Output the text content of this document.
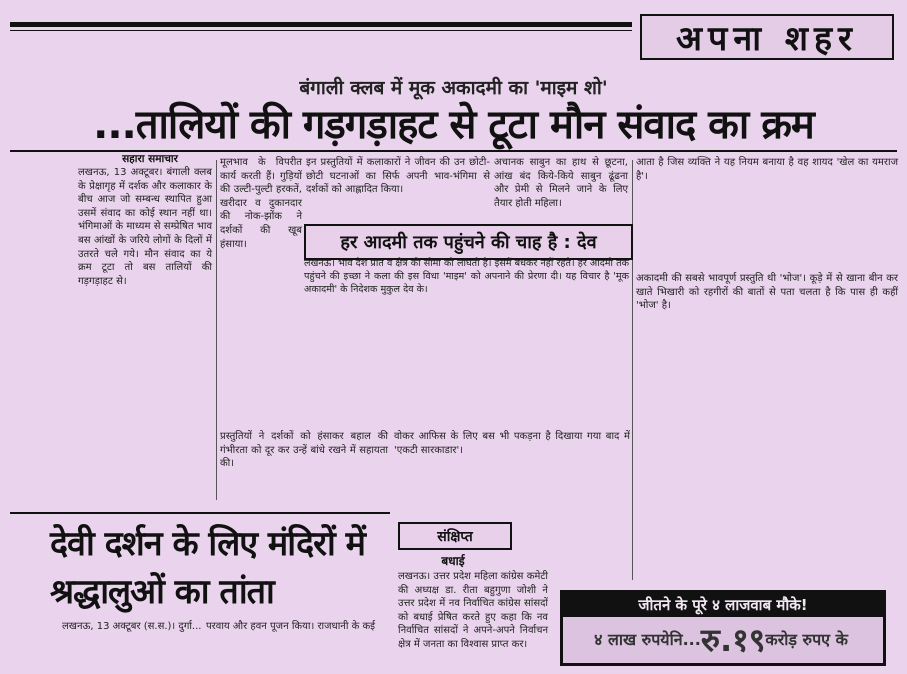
अपना शहर
बंगाली क्लब में मूक अकादमी का 'माइम शो'
...तालियों की गड़गड़ाहट से टूटा मौन संवाद का क्रम
सहारा समाचार
लखनऊ, 13 अक्टूबर। बंगाली क्लब के प्रेक्षागृह में दर्शक और कलाकार के बीच आज जो सम्बन्ध स्थापित हुआ उसमें संवाद का कोई स्थान नहीं था। भंगिमाओं के माध्यम से सम्प्रेषित भाव बस आंखों के जरिये लोगों के दिलों में उतरते चले गये। मौन संवाद का ये क्रम टूटा तो बस तालियों की गड़गड़ाहट से।
मूलभाव के विपरीत कार्य करती हैं। गुड़ियों की उल्टी-पुल्टी हरकतें, खरीदार व दुकानदार की नोक-झोंक ने दर्शकों की खूब हंसाया।
इन प्रस्तुतियों में कलाकारों ने जीवन की उन छोटी-छोटी घटनाओं का सिर्फ अपनी भाव-भंगिमा से दर्शकों को आह्लादित किया।
अचानक साबुन का हाथ से छूटना, आंख बंद किये-किये साबुन ढूंढना और प्रेमी से मिलने जाने के लिए तैयार होती महिला।
आता है जिस व्यक्ति ने यह नियम बनाया है वह शायद 'खेल का यमराज है'।
हर आदमी तक पहुंचने की चाह है : देव
लखनऊ। भाव देश प्रांत व क्षेत्र की सीमा को लांघती है। इसमें बंधकर नहीं रहते। हर आदमी तक पहुंचने की इच्छा ने कला की इस विधा 'माइम' को अपनाने की प्रेरणा दी। यह विचार है 'मूक अकादमी' के निदेशक मुकुल देव के।
प्रस्तुतियों ने दर्शकों को हंसाकर बहाल की गंभीरता को दूर कर उन्हें बांधे रखने में सहायता की।
वोकर आफिस के लिए बस भी पकड़ना है दिखाया गया बाद में 'एकटी सारकाडार'।
अकादमी की सबसे भावपूर्ण प्रस्तुति थी 'भोज'। कूड़े में से खाना बीन कर खाते भिखारी को रहगीरों की बातों से पता चलता है कि पास ही कहीं 'भोज' है।
देवी दर्शन के लिए मंदिरों में श्रद्धालुओं का तांता
लखनऊ, 13 अक्टूबर (स.स.)। दुर्गा... परवाय और हवन पूजन किया। राजधानी के कई
संक्षिप्त
बधाई
लखनऊ। उत्तर प्रदेश महिला कांग्रेस कमेटी की अध्यक्ष डा. रीता बहुगुणा जोशी ने उत्तर प्रदेश में नव निर्वाचित कांग्रेस सांसदों को बधाई प्रेषित करते हुए कहा कि नव निर्वाचित सांसदों ने अपने-अपने निर्वाचन क्षेत्र में जनता का विश्वास प्राप्त कर।
जीतने के पूरे ४ लाजवाब मौके!
४ लाख रुपयेनि... रु.१९ करोड़ रुपए के
